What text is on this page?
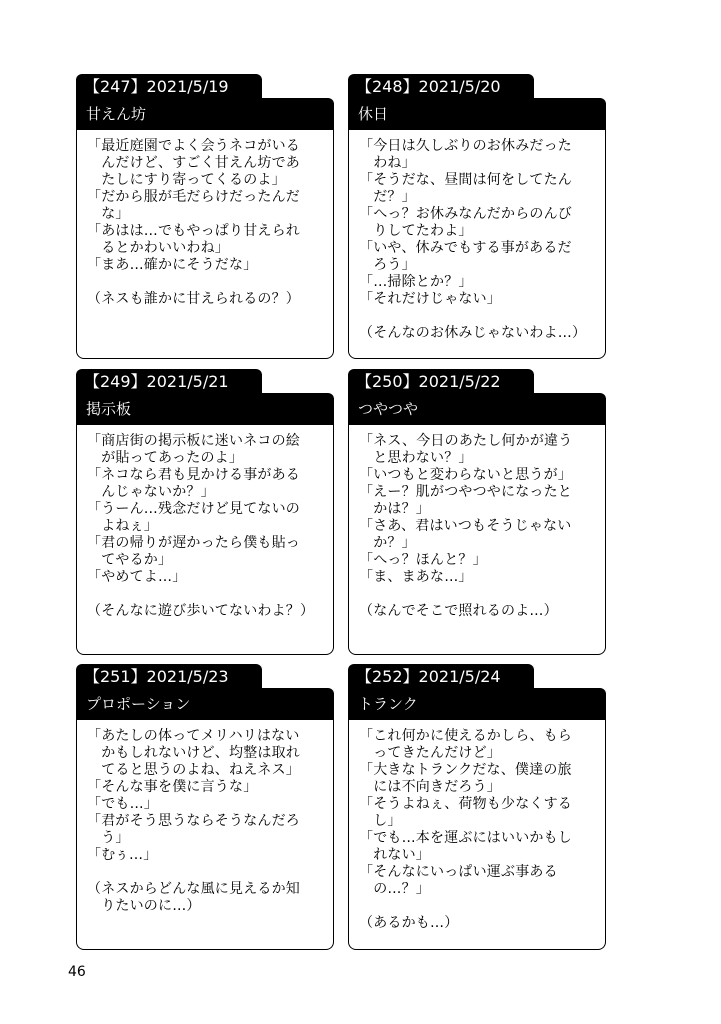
【247】2021/5/19
甘えん坊
「最近庭園でよく会うネコがいる
　んだけど、すごく甘えん坊であ
　たしにすり寄ってくるのよ」
「だから服が毛だらけだったんだ
　な」
「あはは…でもやっぱり甘えられ
　るとかわいいわね」
「まあ…確かにそうだな」
（ネスも誰かに甘えられるの？）
【248】2021/5/20
休日
「今日は久しぶりのお休みだった
　わね」
「そうだな、昼間は何をしてたん
　だ？」
「へっ？お休みなんだからのんび
　りしてたわよ」
「いや、休みでもする事があるだ
　ろう」
「…掃除とか？」
「それだけじゃない」
（そんなのお休みじゃないわよ…）
【249】2021/5/21
掲示板
「商店街の掲示板に迷いネコの絵
　が貼ってあったのよ」
「ネコなら君も見かける事がある
　んじゃないか？」
「うーん…残念だけど見てないの
　よねぇ」
「君の帰りが遅かったら僕も貼っ
　てやるか」
「やめてよ…」
（そんなに遊び歩いてないわよ？）
【250】2021/5/22
つやつや
「ネス、今日のあたし何かが違う
　と思わない？」
「いつもと変わらないと思うが」
「えー？肌がつやつやになったと
　かは？」
「さあ、君はいつもそうじゃない
　か？」
「へっ？ほんと？」
「ま、まあな…」
（なんでそこで照れるのよ…）
【251】2021/5/23
プロポーション
「あたしの体ってメリハリはない
　かもしれないけど、均整は取れ
　てると思うのよね、ねえネス」
「そんな事を僕に言うな」
「でも…」
「君がそう思うならそうなんだろ
　う」
「むぅ…」
（ネスからどんな風に見えるか知
　りたいのに…）
【252】2021/5/24
トランク
「これ何かに使えるかしら、もら
　ってきたんだけど」
「大きなトランクだな、僕達の旅
　には不向きだろう」
「そうよねぇ、荷物も少なくする
　し」
「でも…本を運ぶにはいいかもし
　れない」
「そんなにいっぱい運ぶ事ある
　の…？」
（あるかも…）
46
